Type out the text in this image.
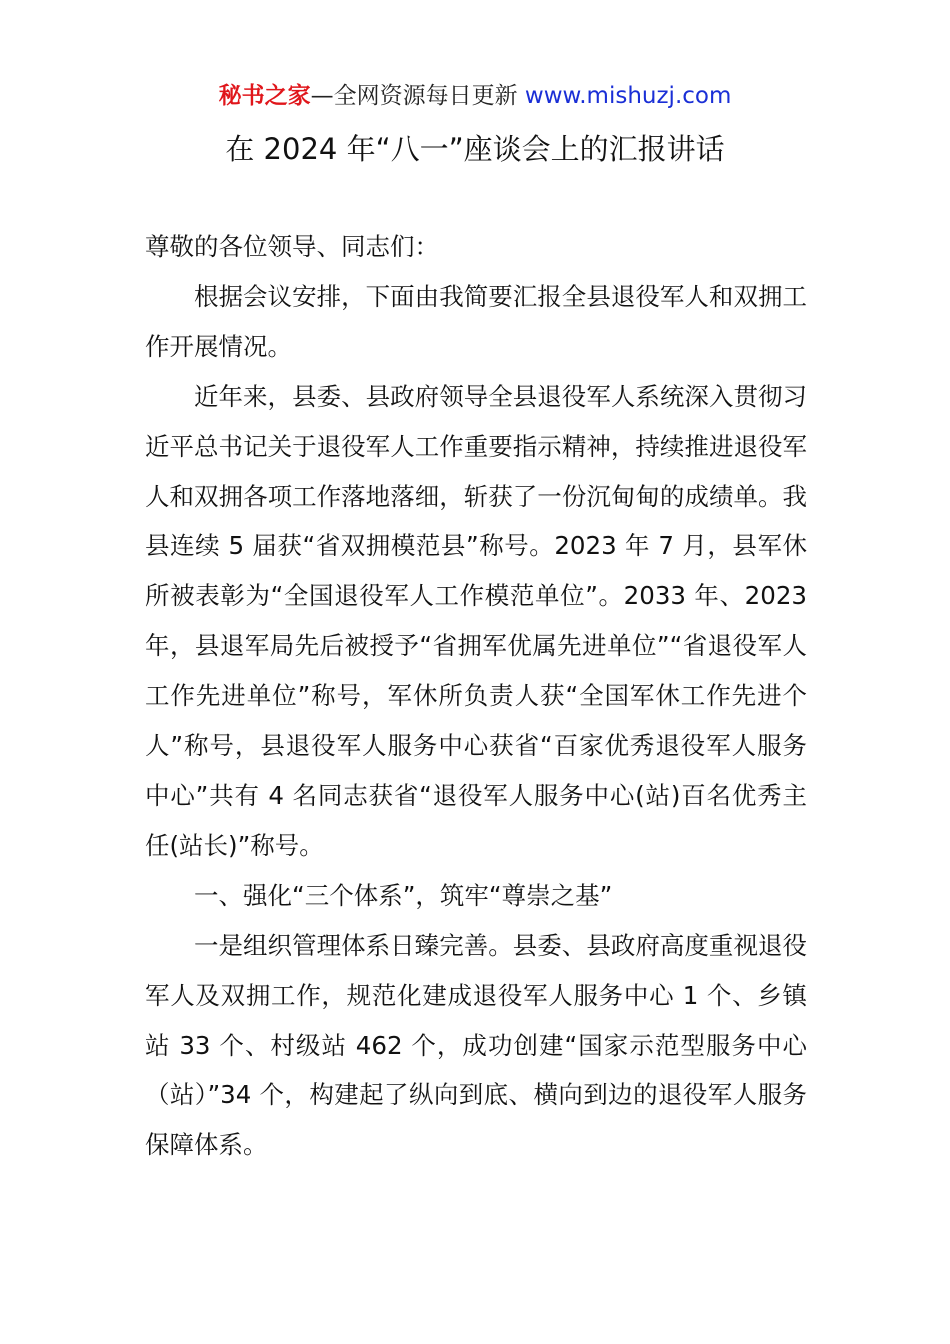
秘书之家—全网资源每日更新 www.mishuzj.com
在 2024 年“八一”座谈会上的汇报讲话

尊敬的各位领导、同志们：

根据会议安排，下面由我简要汇报全县退役军人和双拥工作开展情况。

近年来，县委、县政府领导全县退役军人系统深入贯彻习近平总书记关于退役军人工作重要指示精神，持续推进退役军人和双拥各项工作落地落细，斩获了一份沉甸甸的成绩单。我县连续 5 届获“省双拥模范县”称号。2023 年 7 月，县军休所被表彰为“全国退役军人工作模范单位”。2033 年、2023 年，县退军局先后被授予“省拥军优属先进单位”“省退役军人工作先进单位”称号，军休所负责人获“全国军休工作先进个人”称号，县退役军人服务中心获省“百家优秀退役军人服务中心”共有 4 名同志获省“退役军人服务中心(站)百名优秀主任(站长)”称号。

一、强化“三个体系”，筑牢“尊崇之基”

一是组织管理体系日臻完善。县委、县政府高度重视退役军人及双拥工作，规范化建成退役军人服务中心 1 个、乡镇站 33 个、村级站 462 个，成功创建“国家示范型服务中心（站）”34 个，构建起了纵向到底、横向到边的退役军人服务保障体系。
